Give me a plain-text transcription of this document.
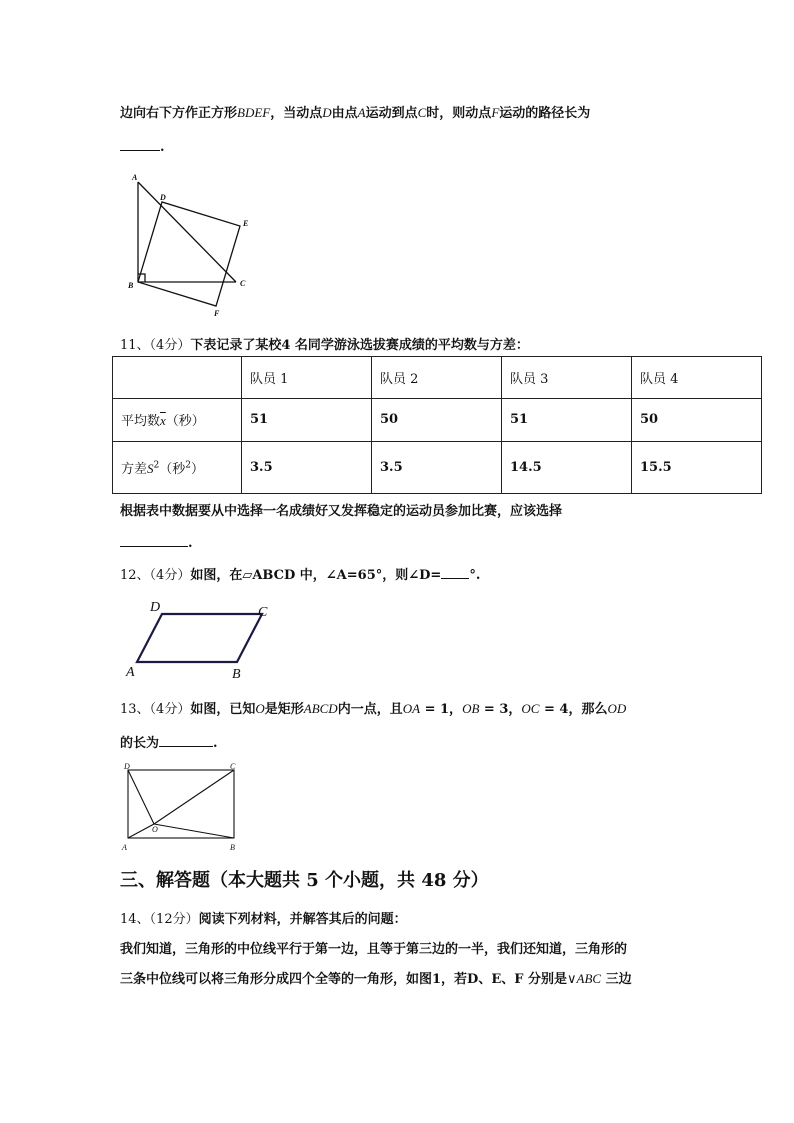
边向右下方作正方形BDEF，当动点D由点A运动到点C时，则动点F运动的路径长为
.
A
D
E
B	C
F
11、（4分）下表记录了某校4 名同学游泳选拔赛成绩的平均数与方差：
	队员 1	队员 2	队员 3	队员 4
平均数$\overline{x}$（秒）	51	50	51	50
方差$S^2$（秒$^2$）	3.5	3.5	14.5	15.5
根据表中数据要从中选择一名成绩好又发挥稳定的运动员参加比赛，应该选择
.
12、（4分）如图，在▱ABCD 中，∠A=65°，则∠D= °.
D	C
A	B
13、（4分）如图，已知O是矩形ABCD内一点，且OA = 1，OB = 3，OC = 4，那么OD
的长为	.
D	C
O
A	B
三、解答题（本大题共 5 个小题，共 48 分）
14、（12分）阅读下列材料，并解答其后的问题：
我们知道，三角形的中位线平行于第一边，且等于第三边的一半，我们还知道，三角形的
三条中位线可以将三角形分成四个全等的一角形，如图1，若D、E、F 分别是∨ABC 三边
